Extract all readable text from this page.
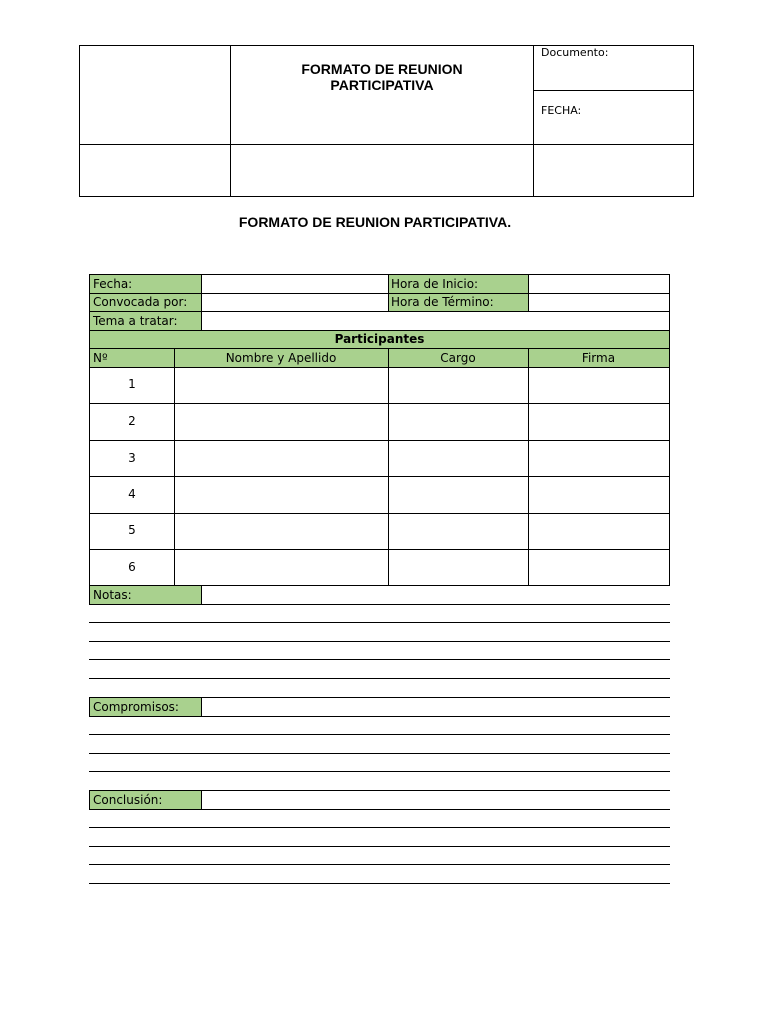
FORMATO DE REUNION
PARTICIPATIVA
Documento:
FECHA:
FORMATO DE REUNION PARTICIPATIVA.
Fecha:	Hora de Inicio:
Convocada por:	Hora de Término:
Tema a tratar:
Participantes
Nº	Nombre y Apellido	Cargo	Firma
1
2
3
4
5
6
Notas:
Compromisos:
Conclusión:
